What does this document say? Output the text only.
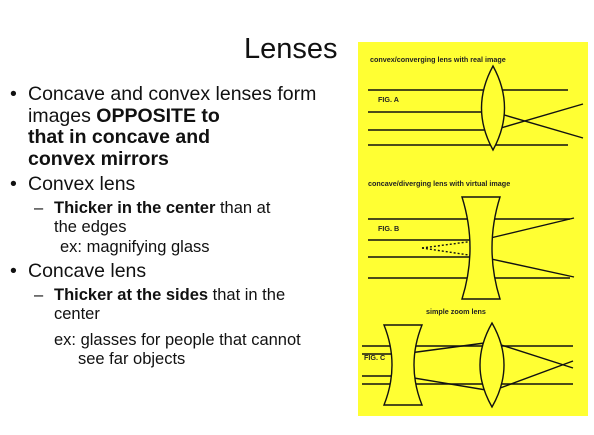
Lenses
• Concave and convex lenses form images OPPOSITE to
that in concave and
convex mirrors
• Convex lens
– Thicker in the center than at
the edges
ex: magnifying glass
• Concave lens
– Thicker at the sides that in the
center
ex: glasses for people that cannot
see far objects
convex/converging lens with real image
FIG. A
concave/diverging lens with virtual image
FIG. B
simple zoom lens
FIG. C
